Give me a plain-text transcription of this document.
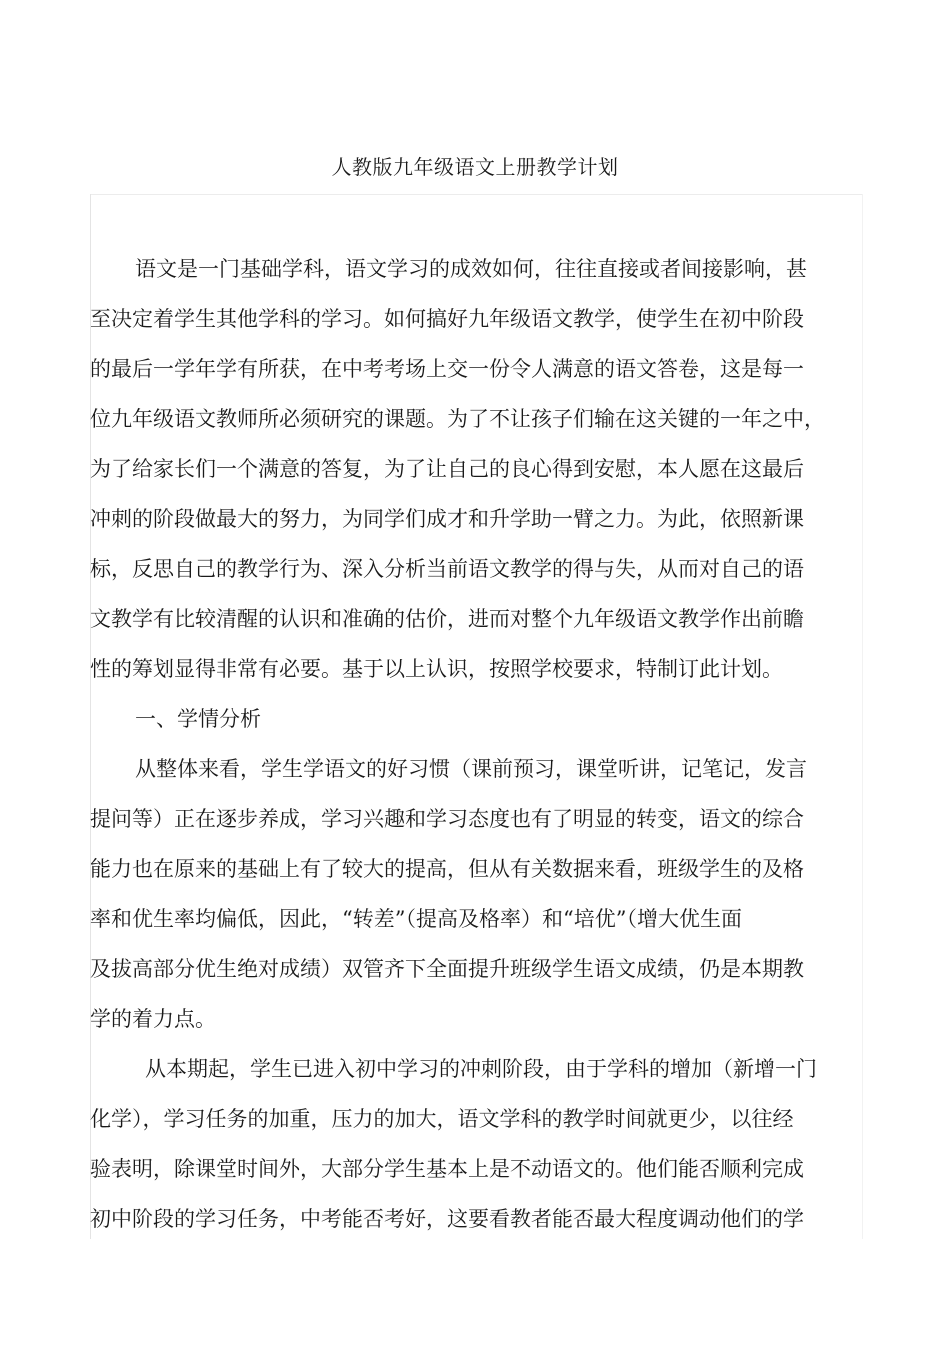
人教版九年级语文上册教学计划
语文是一门基础学科，语文学习的成效如何，往往直接或者间接影响，甚
至决定着学生其他学科的学习。如何搞好九年级语文教学，使学生在初中阶段
的最后一学年学有所获，在中考考场上交一份令人满意的语文答卷，这是每一
位九年级语文教师所必须研究的课题。为了不让孩子们输在这关键的一年之中，
为了给家长们一个满意的答复，为了让自己的良心得到安慰，本人愿在这最后
冲刺的阶段做最大的努力，为同学们成才和升学助一臂之力。为此，依照新课
标，反思自己的教学行为、深入分析当前语文教学的得与失，从而对自己的语
文教学有比较清醒的认识和准确的估价，进而对整个九年级语文教学作出前瞻
性的筹划显得非常有必要。基于以上认识，按照学校要求，特制订此计划。
一、学情分析
从整体来看，学生学语文的好习惯（课前预习，课堂听讲，记笔记，发言
提问等）正在逐步养成，学习兴趣和学习态度也有了明显的转变，语文的综合
能力也在原来的基础上有了较大的提高，但从有关数据来看，班级学生的及格
率和优生率均偏低，因此，“转差”（提高及格率）和“培优”（增大优生面
及拔高部分优生绝对成绩）双管齐下全面提升班级学生语文成绩，仍是本期教
学的着力点。
从本期起，学生已进入初中学习的冲刺阶段，由于学科的增加（新增一门
化学），学习任务的加重，压力的加大，语文学科的教学时间就更少，以往经
验表明，除课堂时间外，大部分学生基本上是不动语文的。他们能否顺利完成
初中阶段的学习任务，中考能否考好，这要看教者能否最大程度调动他们的学
